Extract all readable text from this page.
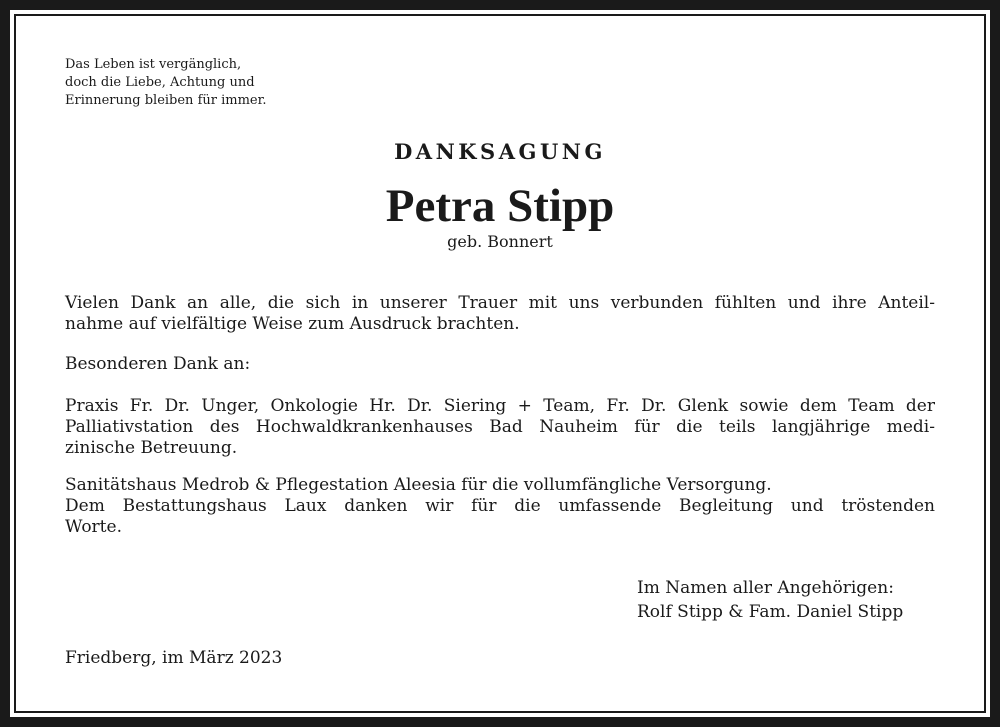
Das Leben ist vergänglich,
doch die Liebe, Achtung und
Erinnerung bleiben für immer.

DANKSAGUNG
Petra Stipp

geb. Bonnert

Vielen Dank an alle, die sich in unserer Trauer mit uns verbunden fühlten und ihre Anteil-
nahme auf vielfältige Weise zum Ausdruck brachten.

Besonderen Dank an:

Praxis Fr. Dr. Unger, Onkologie Hr. Dr. Siering + Team, Fr. Dr. Glenk sowie dem Team der
Palliativstation des Hochwaldkrankenhauses Bad Nauheim für die teils langjährige medi-
zinische Betreuung.

Sanitätshaus Medrob & Pflegestation Aleesia für die vollumfängliche Versorgung.
Dem Bestattungshaus Laux danken wir für die umfassende Begleitung und tröstenden
Worte.

Im Namen aller Angehörigen:
Rolf Stipp & Fam. Daniel Stipp

Friedberg, im März 2023
